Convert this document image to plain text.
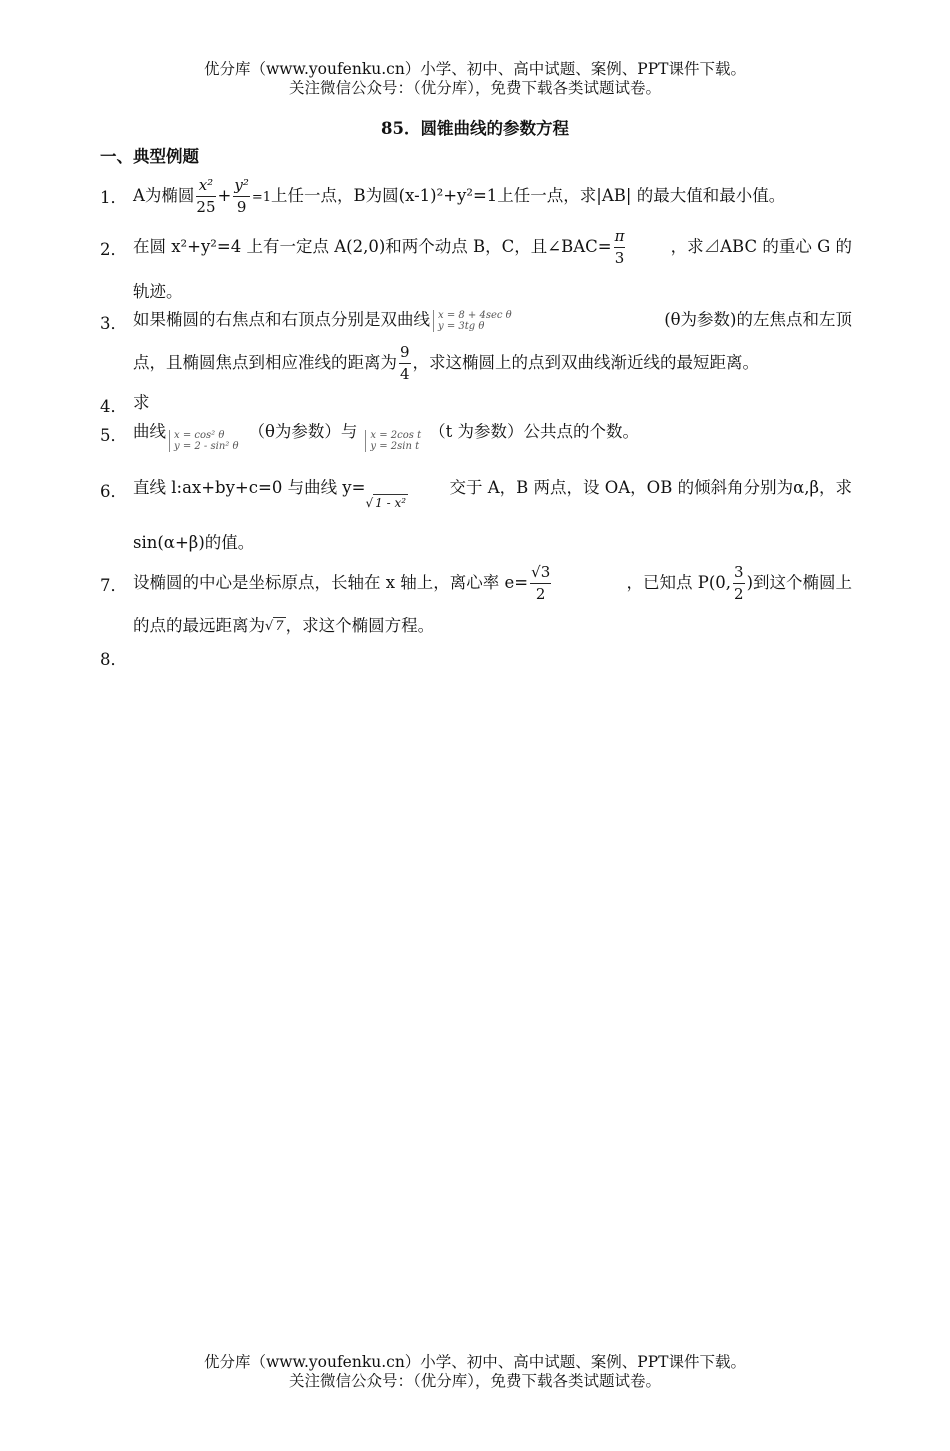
优分库（www.youfenku.cn）小学、初中、高中试题、案例、PPT课件下载。
关注微信公众号：（优分库），免费下载各类试题试卷。
85．圆锥曲线的参数方程
一、典型例题
1． A为椭圆 $\frac{\text{x²}}{25} + \frac{\text{y²}}{9} =1$上任一点，B为圆(x-1)²+y²=1上任一点，求|AB| 的最大值和最小值。
2． 在圆 x²+y²=4 上有一定点 A(2,0)和两个动点 B，C，且∠BAC= $\frac{\pi}{3}$	，求⊿ABC 的重心 G 的
轨迹。
3． 如果椭圆的右焦点和右顶点分别是双曲线 x = 8 + 4sec θ
y = 3tg θ	(θ为参数)的左焦点和左顶
点，且椭圆焦点到相应准线的距离为 $\frac{9}{4}$ ，求这椭圆上的点到双曲线渐近线的最短距离。
4． 求
5． 曲线 x = cos² θ
y = 2 - sin² θ
（θ为参数）与 x = 2cos t
y = 2sin t
（t 为参数）公共点的个数。
6． 直线 l:ax+by+c=0 与曲线 y=√ 1 - x²
交于 A，B 两点，设 OA，OB 的倾斜角分别为α,β，求
sin(α+β)的值。
7． 设椭圆的中心是坐标原点，长轴在 x 轴上，离心率 $e= \frac{√3}{2}$	，已知点 P(0, $\frac{3}{2}$ )到这个椭圆上
的点的最远距离为√ 7 ，求这个椭圆方程。
8．
优分库（www.youfenku.cn）小学、初中、高中试题、案例、PPT课件下载。
关注微信公众号：（优分库），免费下载各类试题试卷。
